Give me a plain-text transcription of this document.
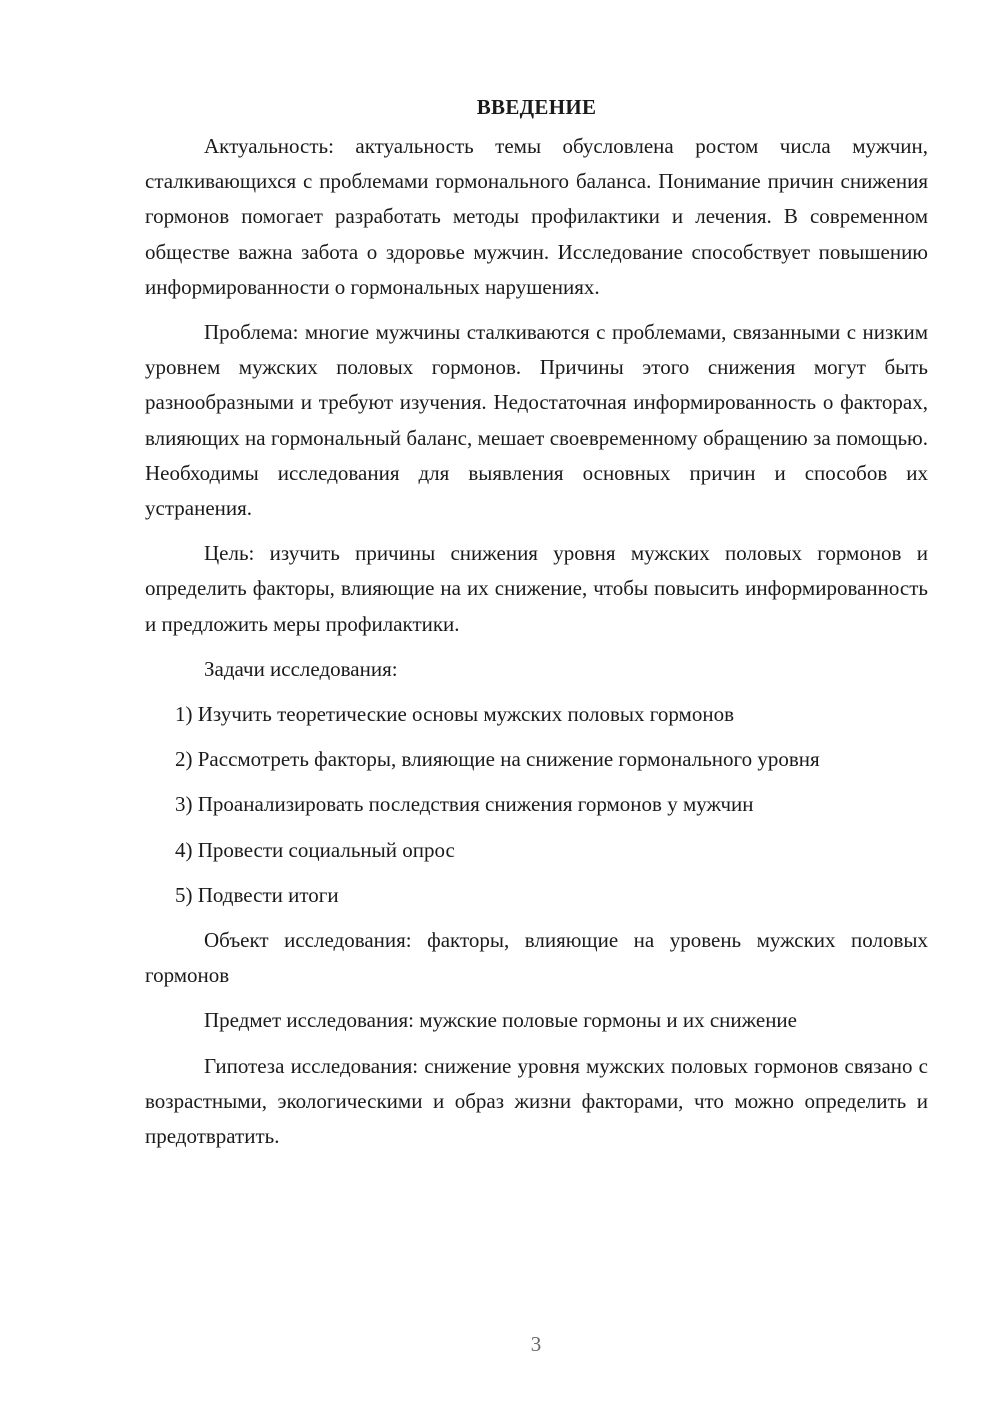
ВВЕДЕНИЕ

Актуальность: актуальность темы обусловлена ростом числа мужчин, сталкивающихся с проблемами гормонального баланса. Понимание причин снижения гормонов помогает разработать методы профилактики и лечения. В современном обществе важна забота о здоровье мужчин. Исследование способствует повышению информированности о гормональных нарушениях.

Проблема: многие мужчины сталкиваются с проблемами, связанными с низким уровнем мужских половых гормонов. Причины этого снижения могут быть разнообразными и требуют изучения. Недостаточная информированность о факторах, влияющих на гормональный баланс, мешает своевременному обращению за помощью. Необходимы исследования для выявления основных причин и способов их устранения.

Цель: изучить причины снижения уровня мужских половых гормонов и определить факторы, влияющие на их снижение, чтобы повысить информированность и предложить меры профилактики.

Задачи исследования:

1) Изучить теоретические основы мужских половых гормонов

2) Рассмотреть факторы, влияющие на снижение гормонального уровня

3) Проанализировать последствия снижения гормонов у мужчин

4) Провести социальный опрос

5) Подвести итоги

Объект исследования: факторы, влияющие на уровень мужских половых гормонов

Предмет исследования: мужские половые гормоны и их снижение

Гипотеза исследования: снижение уровня мужских половых гормонов связано с возрастными, экологическими и образ жизни факторами, что можно определить и предотвратить.

3
